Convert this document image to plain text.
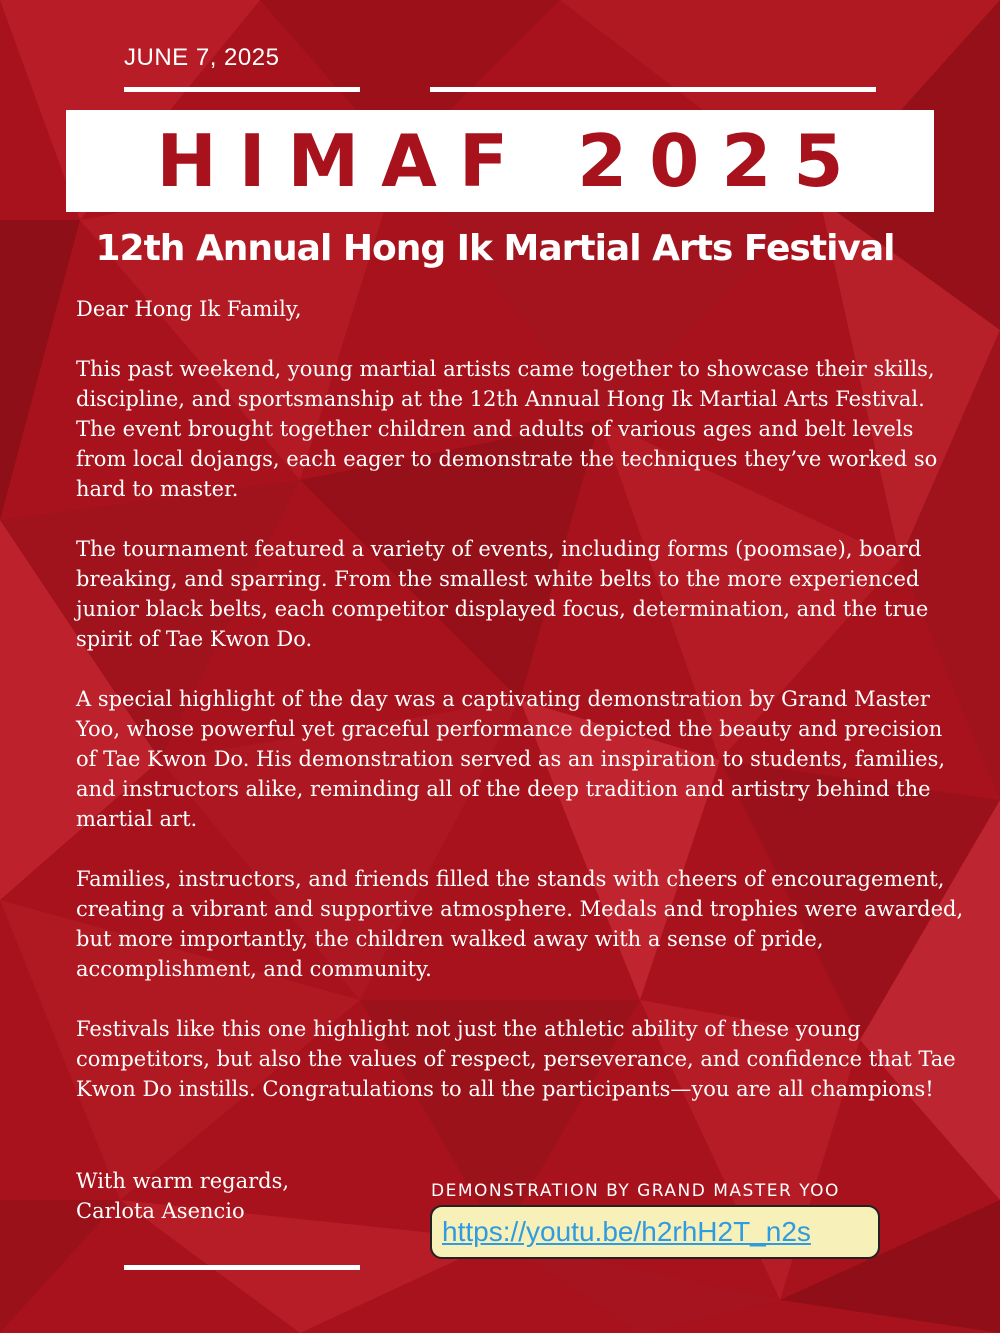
JUNE 7, 2025
HIMAF 2025
12th Annual Hong Ik Martial Arts Festival

Dear Hong Ik Family,

This past weekend, young martial artists came together to showcase their skills, discipline, and sportsmanship at the 12th Annual Hong Ik Martial Arts Festival. The event brought together children and adults of various ages and belt levels from local dojangs, each eager to demonstrate the techniques they’ve worked so hard to master.

The tournament featured a variety of events, including forms (poomsae), board breaking, and sparring. From the smallest white belts to the more experienced junior black belts, each competitor displayed focus, determination, and the true spirit of Tae Kwon Do.

A special highlight of the day was a captivating demonstration by Grand Master Yoo, whose powerful yet graceful performance depicted the beauty and precision of Tae Kwon Do. His demonstration served as an inspiration to students, families, and instructors alike, reminding all of the deep tradition and artistry behind the martial art.

Families, instructors, and friends filled the stands with cheers of encouragement, creating a vibrant and supportive atmosphere. Medals and trophies were awarded, but more importantly, the children walked away with a sense of pride, accomplishment, and community.

Festivals like this one highlight not just the athletic ability of these young competitors, but also the values of respect, perseverance, and confidence that Tae Kwon Do instills. Congratulations to all the participants—you are all champions!

With warm regards,
Carlota Asencio
DEMONSTRATION BY GRAND MASTER YOO
https://youtu.be/h2rhH2T_n2s
